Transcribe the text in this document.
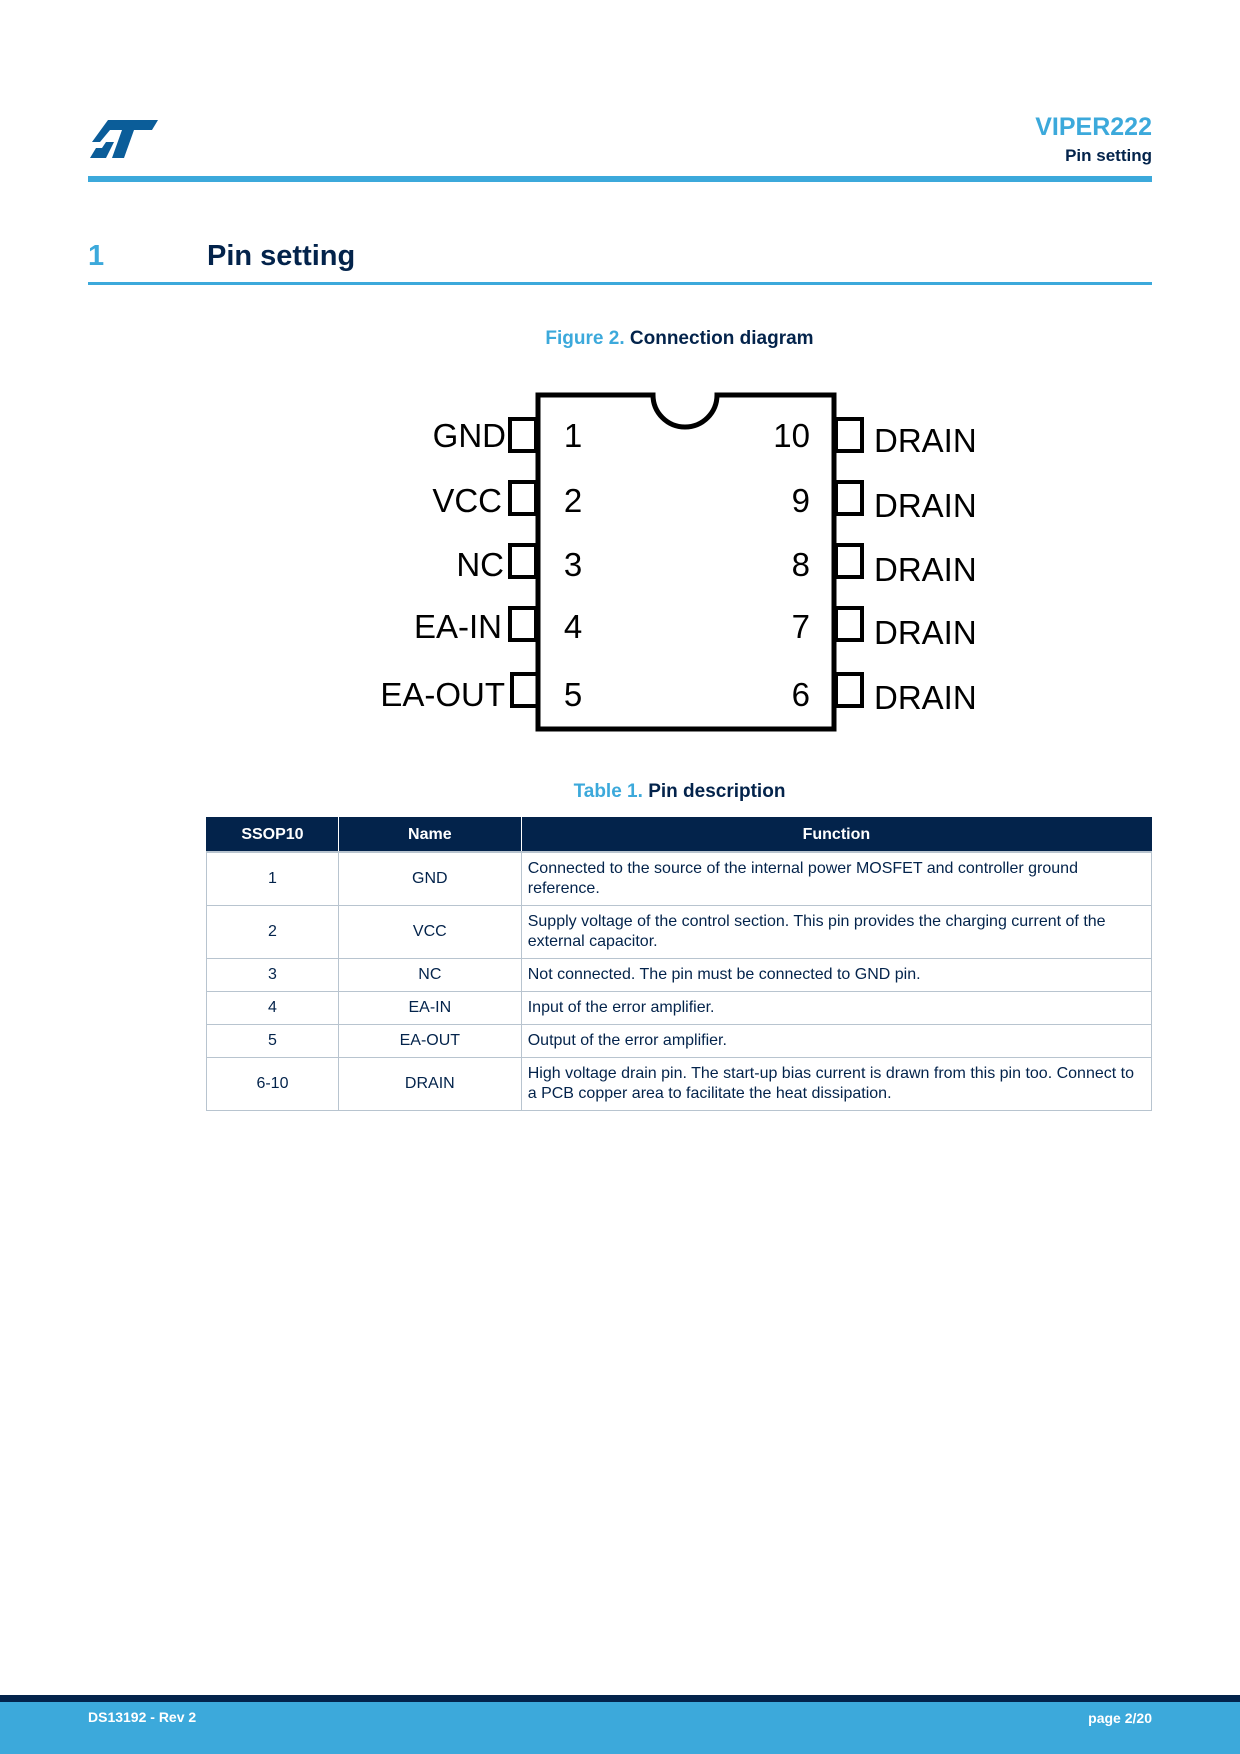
VIPER222
Pin setting
1	Pin setting
Figure 2. Connection diagram
GND
VCC
NC
EA-IN
EA-OUT
1
2
3
4
5
10
9
8
7
6
DRAIN
DRAIN
DRAIN
DRAIN
DRAIN
Table 1. Pin description
SSOP10	Name	Function
1	GND	Connected to the source of the internal power MOSFET and controller ground reference.
2	VCC	Supply voltage of the control section. This pin provides the charging current of the external capacitor.
3	NC	Not connected. The pin must be connected to GND pin.
4	EA-IN	Input of the error amplifier.
5	EA-OUT	Output of the error amplifier.
6-10	DRAIN	High voltage drain pin. The start-up bias current is drawn from this pin too. Connect to a PCB copper area to facilitate the heat dissipation.
DS13192 - Rev 2	page 2/20
